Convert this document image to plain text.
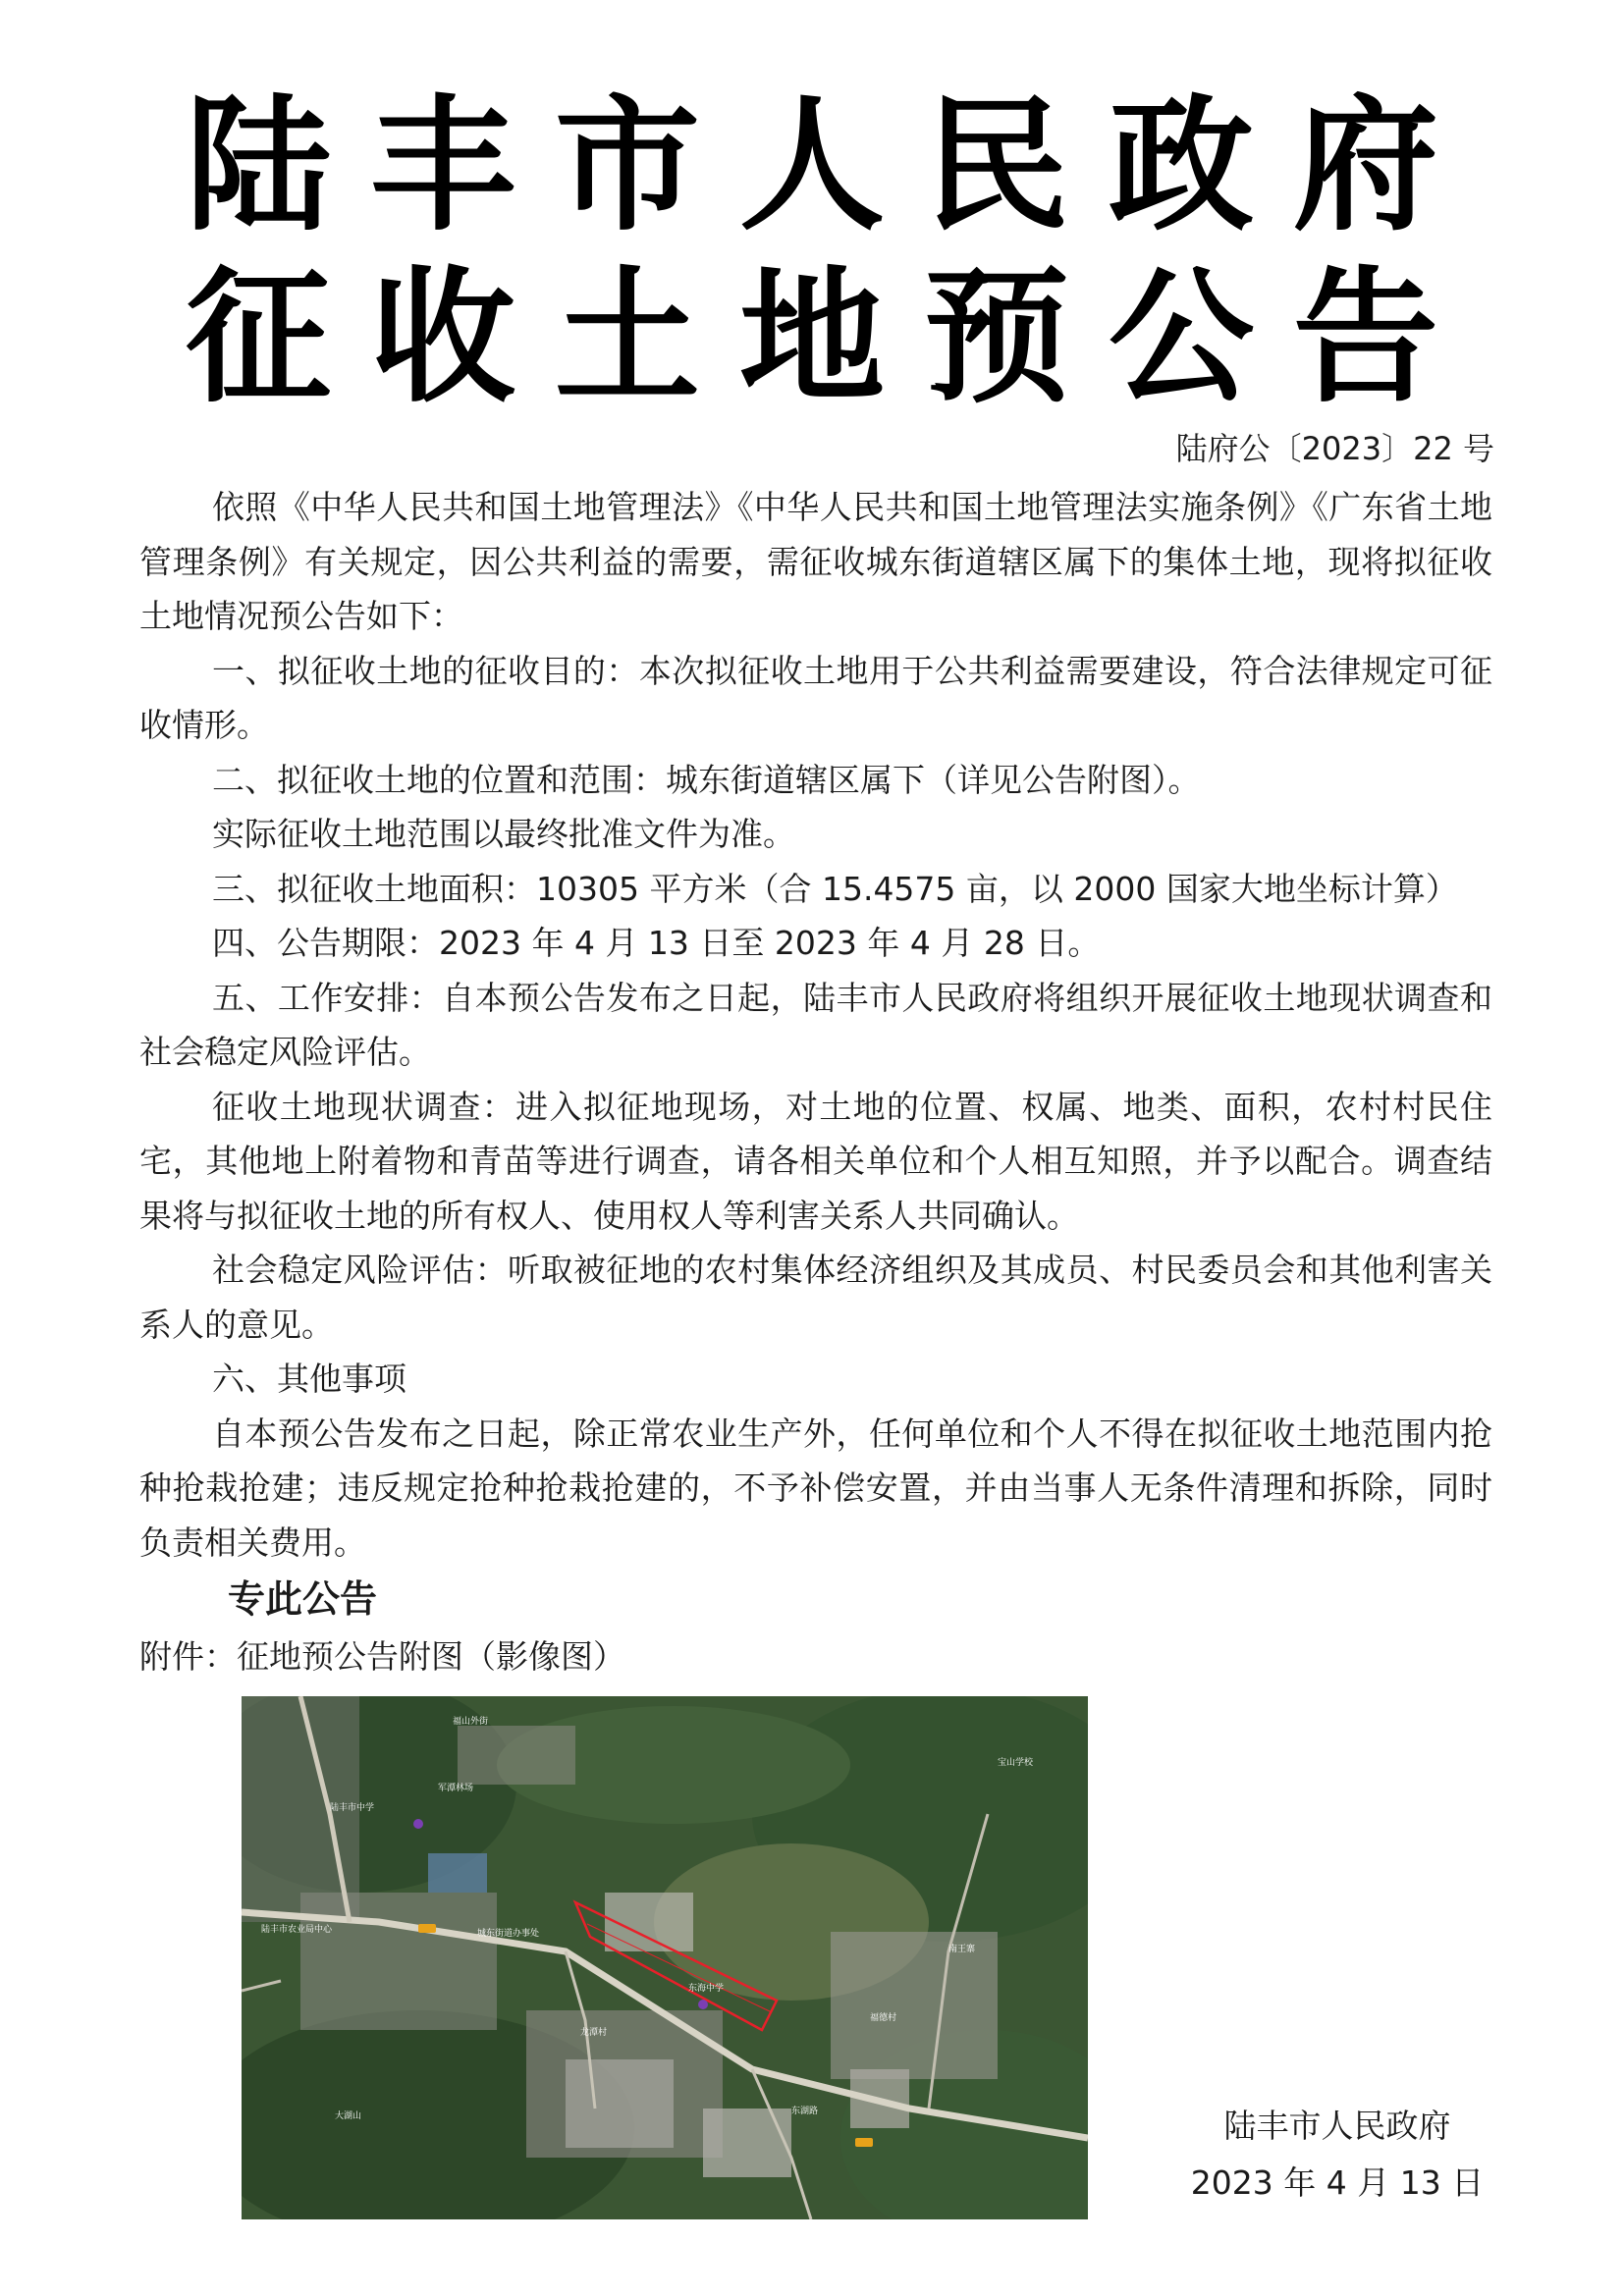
陆丰市人民政府
征收土地预公告
陆府公〔2023〕22 号

依照《中华人民共和国土地管理法》《中华人民共和国土地管理法实施条例》《广东省土地管理条例》有关规定，因公共利益的需要，需征收城东街道辖区属下的集体土地，现将拟征收土地情况预公告如下：

一、拟征收土地的征收目的：本次拟征收土地用于公共利益需要建设，符合法律规定可征收情形。

二、拟征收土地的位置和范围：城东街道辖区属下（详见公告附图）。

实际征收土地范围以最终批准文件为准。

三、拟征收土地面积：10305 平方米（合 15.4575 亩，以 2000 国家大地坐标计算）

四、公告期限：2023 年 4 月 13 日至 2023 年 4 月 28 日。

五、工作安排：自本预公告发布之日起，陆丰市人民政府将组织开展征收土地现状调查和社会稳定风险评估。

征收土地现状调查：进入拟征地现场，对土地的位置、权属、地类、面积，农村村民住宅，其他地上附着物和青苗等进行调查，请各相关单位和个人相互知照，并予以配合。调查结果将与拟征收土地的所有权人、使用权人等利害关系人共同确认。

社会稳定风险评估：听取被征地的农村集体经济组织及其成员、村民委员会和其他利害关系人的意见。

六、其他事项

自本预公告发布之日起，除正常农业生产外，任何单位和个人不得在拟征收土地范围内抢种抢栽抢建；违反规定抢种抢栽抢建的，不予补偿安置，并由当事人无条件清理和拆除，同时负责相关费用。

专此公告
附件：征地预公告附图（影像图）
福山外街
军潭林场
陆丰市中学
陆丰市农业局中心	城东街道办事处
东海中学
龙潭村
大湖山
宝山学校
南王寨
福德村
东湖路	陆丰市人民政府
2023 年 4 月 13 日
